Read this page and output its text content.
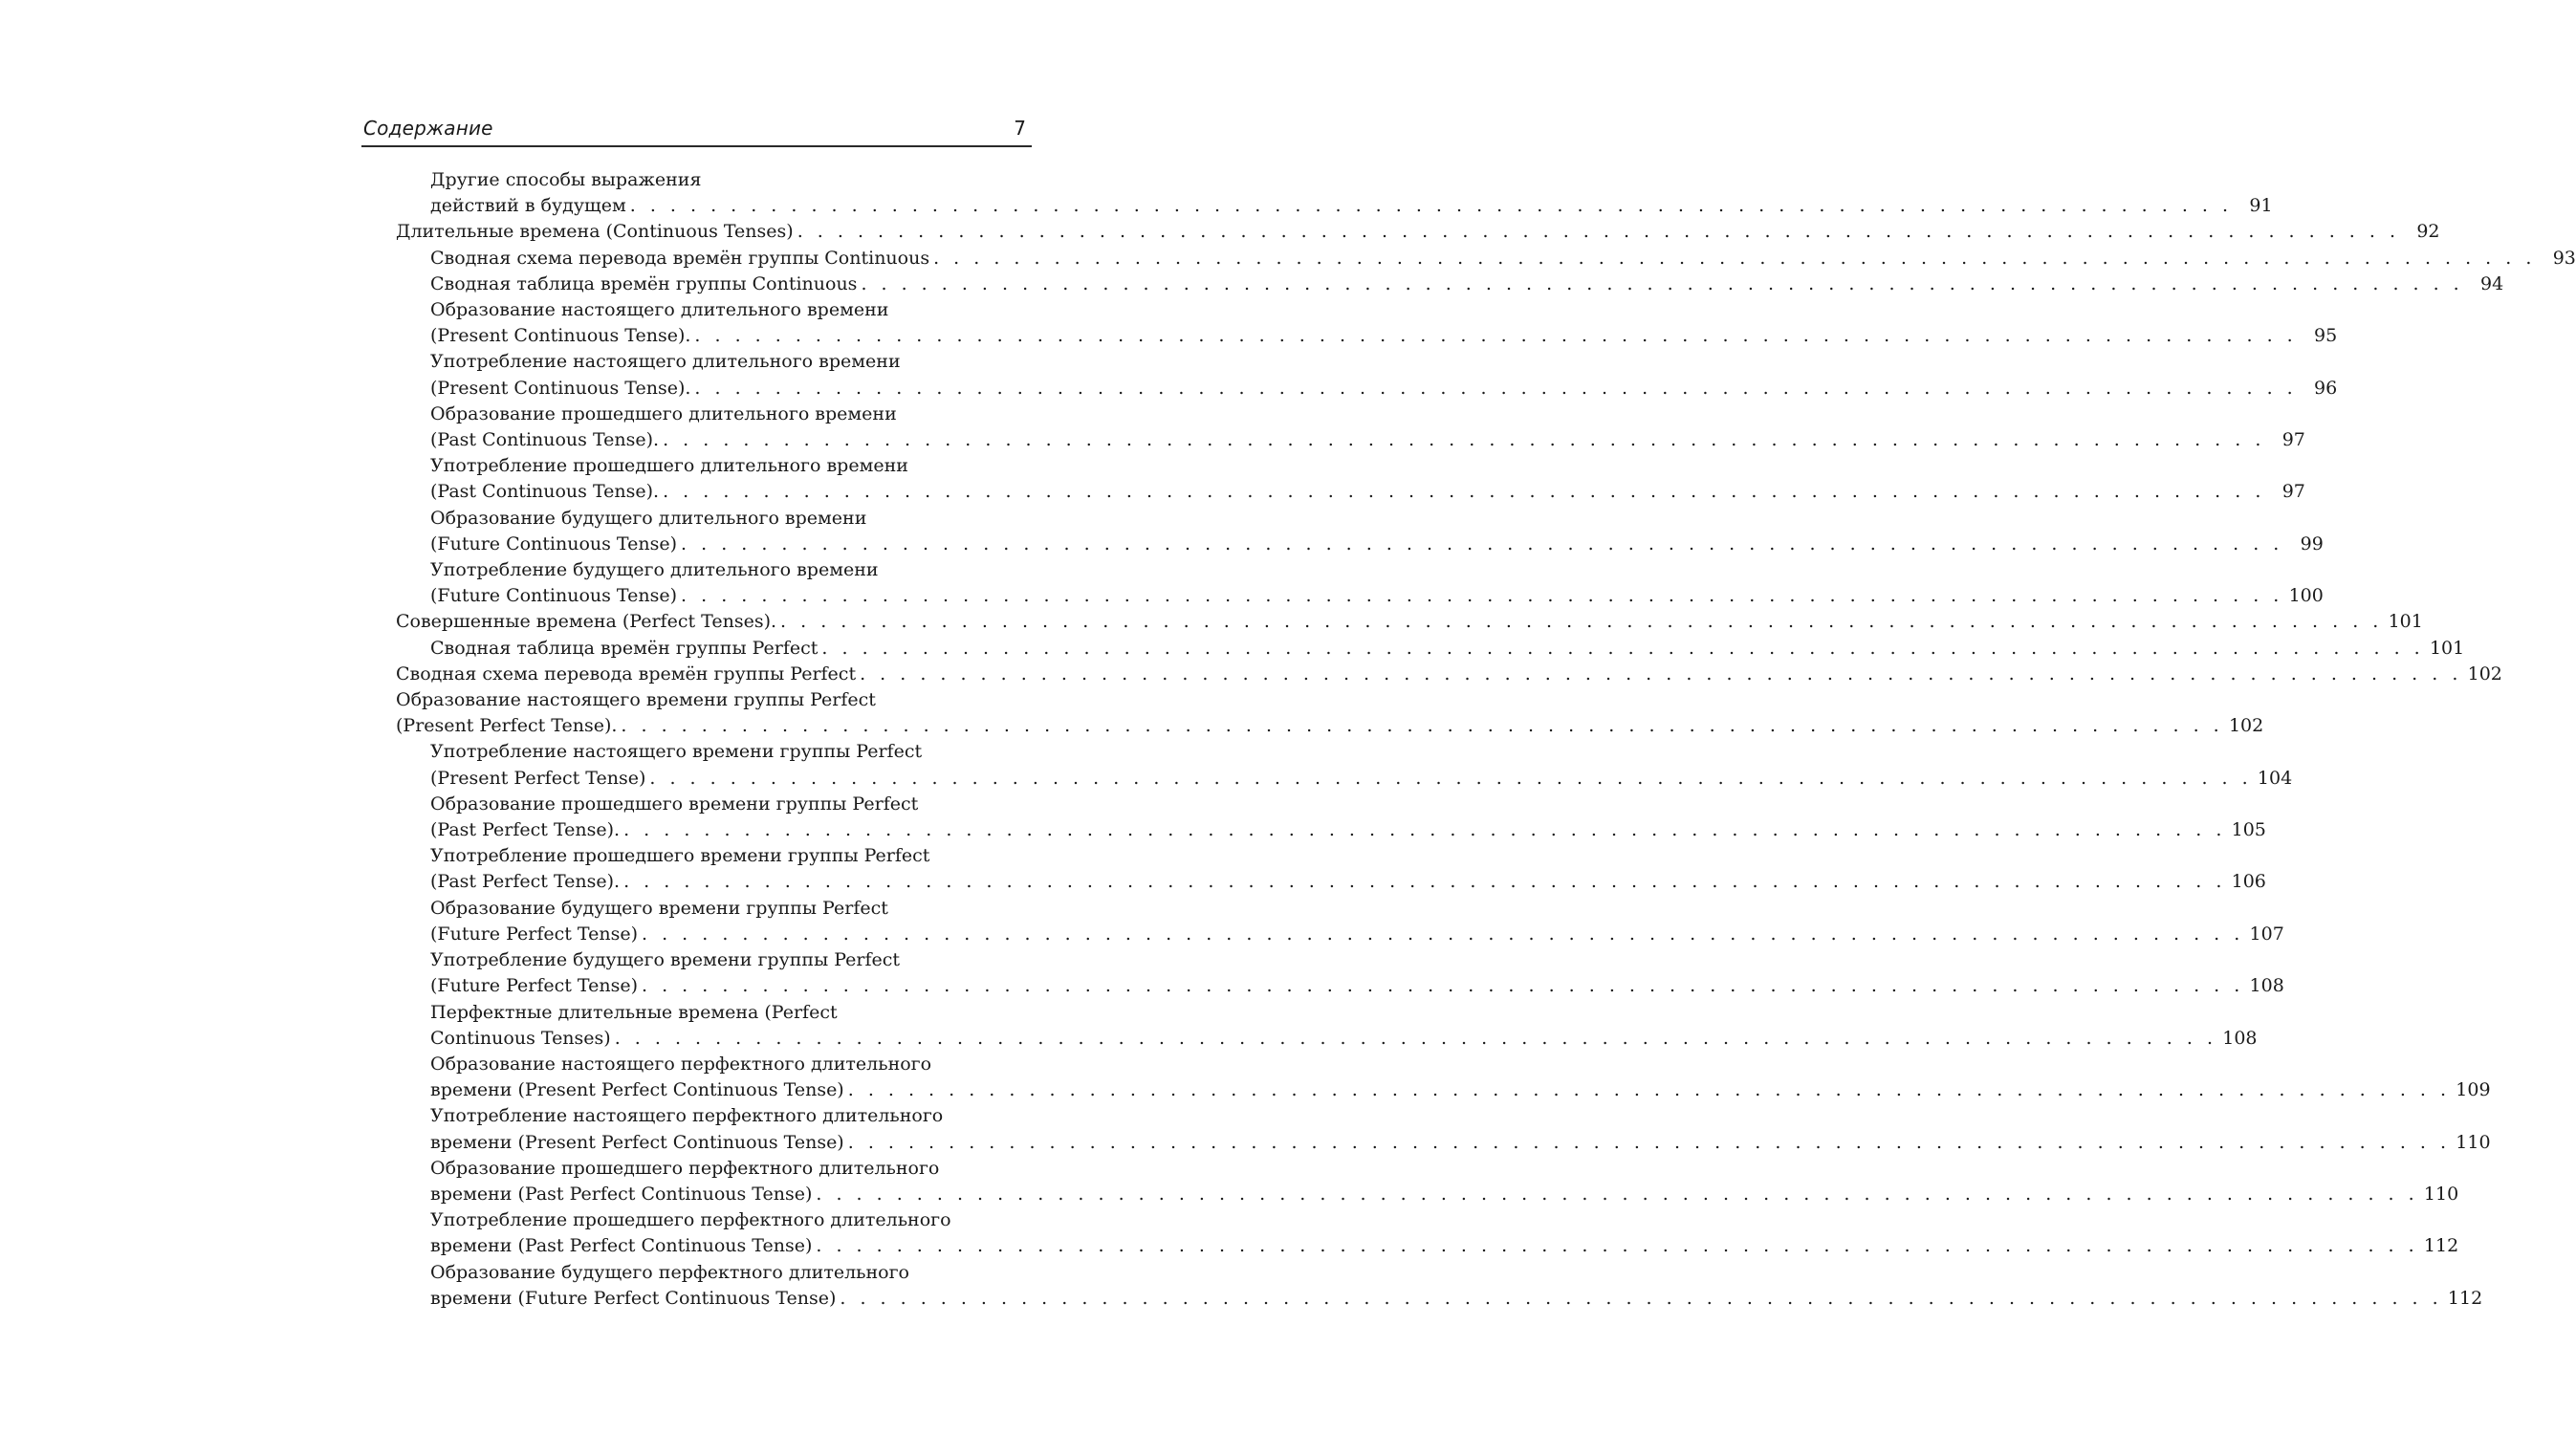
Содержание	7
Другие способы выражения
действий в будущем . . . . . . . . . . . . . . . . . . . . . . . . . . . . . . . . . . . . . . . . . . . . . . . . . . . . . . . . . . . . . . . . . . . . . . . . . . . . . . . . 91
Длительные времена (Continuous Tenses) . . . . . . . . . . . . . . . . . . . . . . . . . . . . . . . . . . . . . . . . . . . . . . . . . . . . . . . . . . . . . . . . . . . . . . . . . . . . . . . . 92
Сводная схема перевода времён группы Continuous . . . . . . . . . . . . . . . . . . . . . . . . . . . . . . . . . . . . . . . . . . . . . . . . . . . . . . . . . . . . . . . . . . . . . . . . . . . . . . . . 93
Сводная таблица времён группы Continuous . . . . . . . . . . . . . . . . . . . . . . . . . . . . . . . . . . . . . . . . . . . . . . . . . . . . . . . . . . . . . . . . . . . . . . . . . . . . . . . . 94
Образование настоящего длительного времени
(Present Continuous Tense). . . . . . . . . . . . . . . . . . . . . . . . . . . . . . . . . . . . . . . . . . . . . . . . . . . . . . . . . . . . . . . . . . . . . . . . . . . . . . . . . 95
Употребление настоящего длительного времени
(Present Continuous Tense). . . . . . . . . . . . . . . . . . . . . . . . . . . . . . . . . . . . . . . . . . . . . . . . . . . . . . . . . . . . . . . . . . . . . . . . . . . . . . . . . 96
Образование прошедшего длительного времени
(Past Continuous Tense). . . . . . . . . . . . . . . . . . . . . . . . . . . . . . . . . . . . . . . . . . . . . . . . . . . . . . . . . . . . . . . . . . . . . . . . . . . . . . . . . 97
Употребление прошедшего длительного времени
(Past Continuous Tense). . . . . . . . . . . . . . . . . . . . . . . . . . . . . . . . . . . . . . . . . . . . . . . . . . . . . . . . . . . . . . . . . . . . . . . . . . . . . . . . . 97
Образование будущего длительного времени
(Future Continuous Tense) . . . . . . . . . . . . . . . . . . . . . . . . . . . . . . . . . . . . . . . . . . . . . . . . . . . . . . . . . . . . . . . . . . . . . . . . . . . . . . . . 99
Употребление будущего длительного времени
(Future Continuous Tense) . . . . . . . . . . . . . . . . . . . . . . . . . . . . . . . . . . . . . . . . . . . . . . . . . . . . . . . . . . . . . . . . . . . . . . . . . . . . . . . . 100
Совершенные времена (Perfect Tenses). . . . . . . . . . . . . . . . . . . . . . . . . . . . . . . . . . . . . . . . . . . . . . . . . . . . . . . . . . . . . . . . . . . . . . . . . . . . . . . . . 101
Сводная таблица времён группы Perfect . . . . . . . . . . . . . . . . . . . . . . . . . . . . . . . . . . . . . . . . . . . . . . . . . . . . . . . . . . . . . . . . . . . . . . . . . . . . . . . . 101
Сводная схема перевода времён группы Perfect . . . . . . . . . . . . . . . . . . . . . . . . . . . . . . . . . . . . . . . . . . . . . . . . . . . . . . . . . . . . . . . . . . . . . . . . . . . . . . . . 102
Образование настоящего времени группы Perfect
(Present Perfect Tense). . . . . . . . . . . . . . . . . . . . . . . . . . . . . . . . . . . . . . . . . . . . . . . . . . . . . . . . . . . . . . . . . . . . . . . . . . . . . . . . . 102
Употребление настоящего времени группы Perfect
(Present Perfect Tense) . . . . . . . . . . . . . . . . . . . . . . . . . . . . . . . . . . . . . . . . . . . . . . . . . . . . . . . . . . . . . . . . . . . . . . . . . . . . . . . . 104
Образование прошедшего времени группы Perfect
(Past Perfect Tense). . . . . . . . . . . . . . . . . . . . . . . . . . . . . . . . . . . . . . . . . . . . . . . . . . . . . . . . . . . . . . . . . . . . . . . . . . . . . . . . . 105
Употребление прошедшего времени группы Perfect
(Past Perfect Tense). . . . . . . . . . . . . . . . . . . . . . . . . . . . . . . . . . . . . . . . . . . . . . . . . . . . . . . . . . . . . . . . . . . . . . . . . . . . . . . . . 106
Образование будущего времени группы Perfect
(Future Perfect Tense) . . . . . . . . . . . . . . . . . . . . . . . . . . . . . . . . . . . . . . . . . . . . . . . . . . . . . . . . . . . . . . . . . . . . . . . . . . . . . . . . 107
Употребление будущего времени группы Perfect
(Future Perfect Tense) . . . . . . . . . . . . . . . . . . . . . . . . . . . . . . . . . . . . . . . . . . . . . . . . . . . . . . . . . . . . . . . . . . . . . . . . . . . . . . . . 108
Перфектные длительные времена (Perfect
Continuous Tenses) . . . . . . . . . . . . . . . . . . . . . . . . . . . . . . . . . . . . . . . . . . . . . . . . . . . . . . . . . . . . . . . . . . . . . . . . . . . . . . . . 108
Образование настоящего перфектного длительного
времени (Present Perfect Continuous Tense) . . . . . . . . . . . . . . . . . . . . . . . . . . . . . . . . . . . . . . . . . . . . . . . . . . . . . . . . . . . . . . . . . . . . . . . . . . . . . . . . 109
Употребление настоящего перфектного длительного
времени (Present Perfect Continuous Tense) . . . . . . . . . . . . . . . . . . . . . . . . . . . . . . . . . . . . . . . . . . . . . . . . . . . . . . . . . . . . . . . . . . . . . . . . . . . . . . . . 110
Образование прошедшего перфектного длительного
времени (Past Perfect Continuous Tense) . . . . . . . . . . . . . . . . . . . . . . . . . . . . . . . . . . . . . . . . . . . . . . . . . . . . . . . . . . . . . . . . . . . . . . . . . . . . . . . . 110
Употребление прошедшего перфектного длительного
времени (Past Perfect Continuous Tense) . . . . . . . . . . . . . . . . . . . . . . . . . . . . . . . . . . . . . . . . . . . . . . . . . . . . . . . . . . . . . . . . . . . . . . . . . . . . . . . . 112
Образование будущего перфектного длительного
времени (Future Perfect Continuous Tense) . . . . . . . . . . . . . . . . . . . . . . . . . . . . . . . . . . . . . . . . . . . . . . . . . . . . . . . . . . . . . . . . . . . . . . . . . . . . . . . . 112
